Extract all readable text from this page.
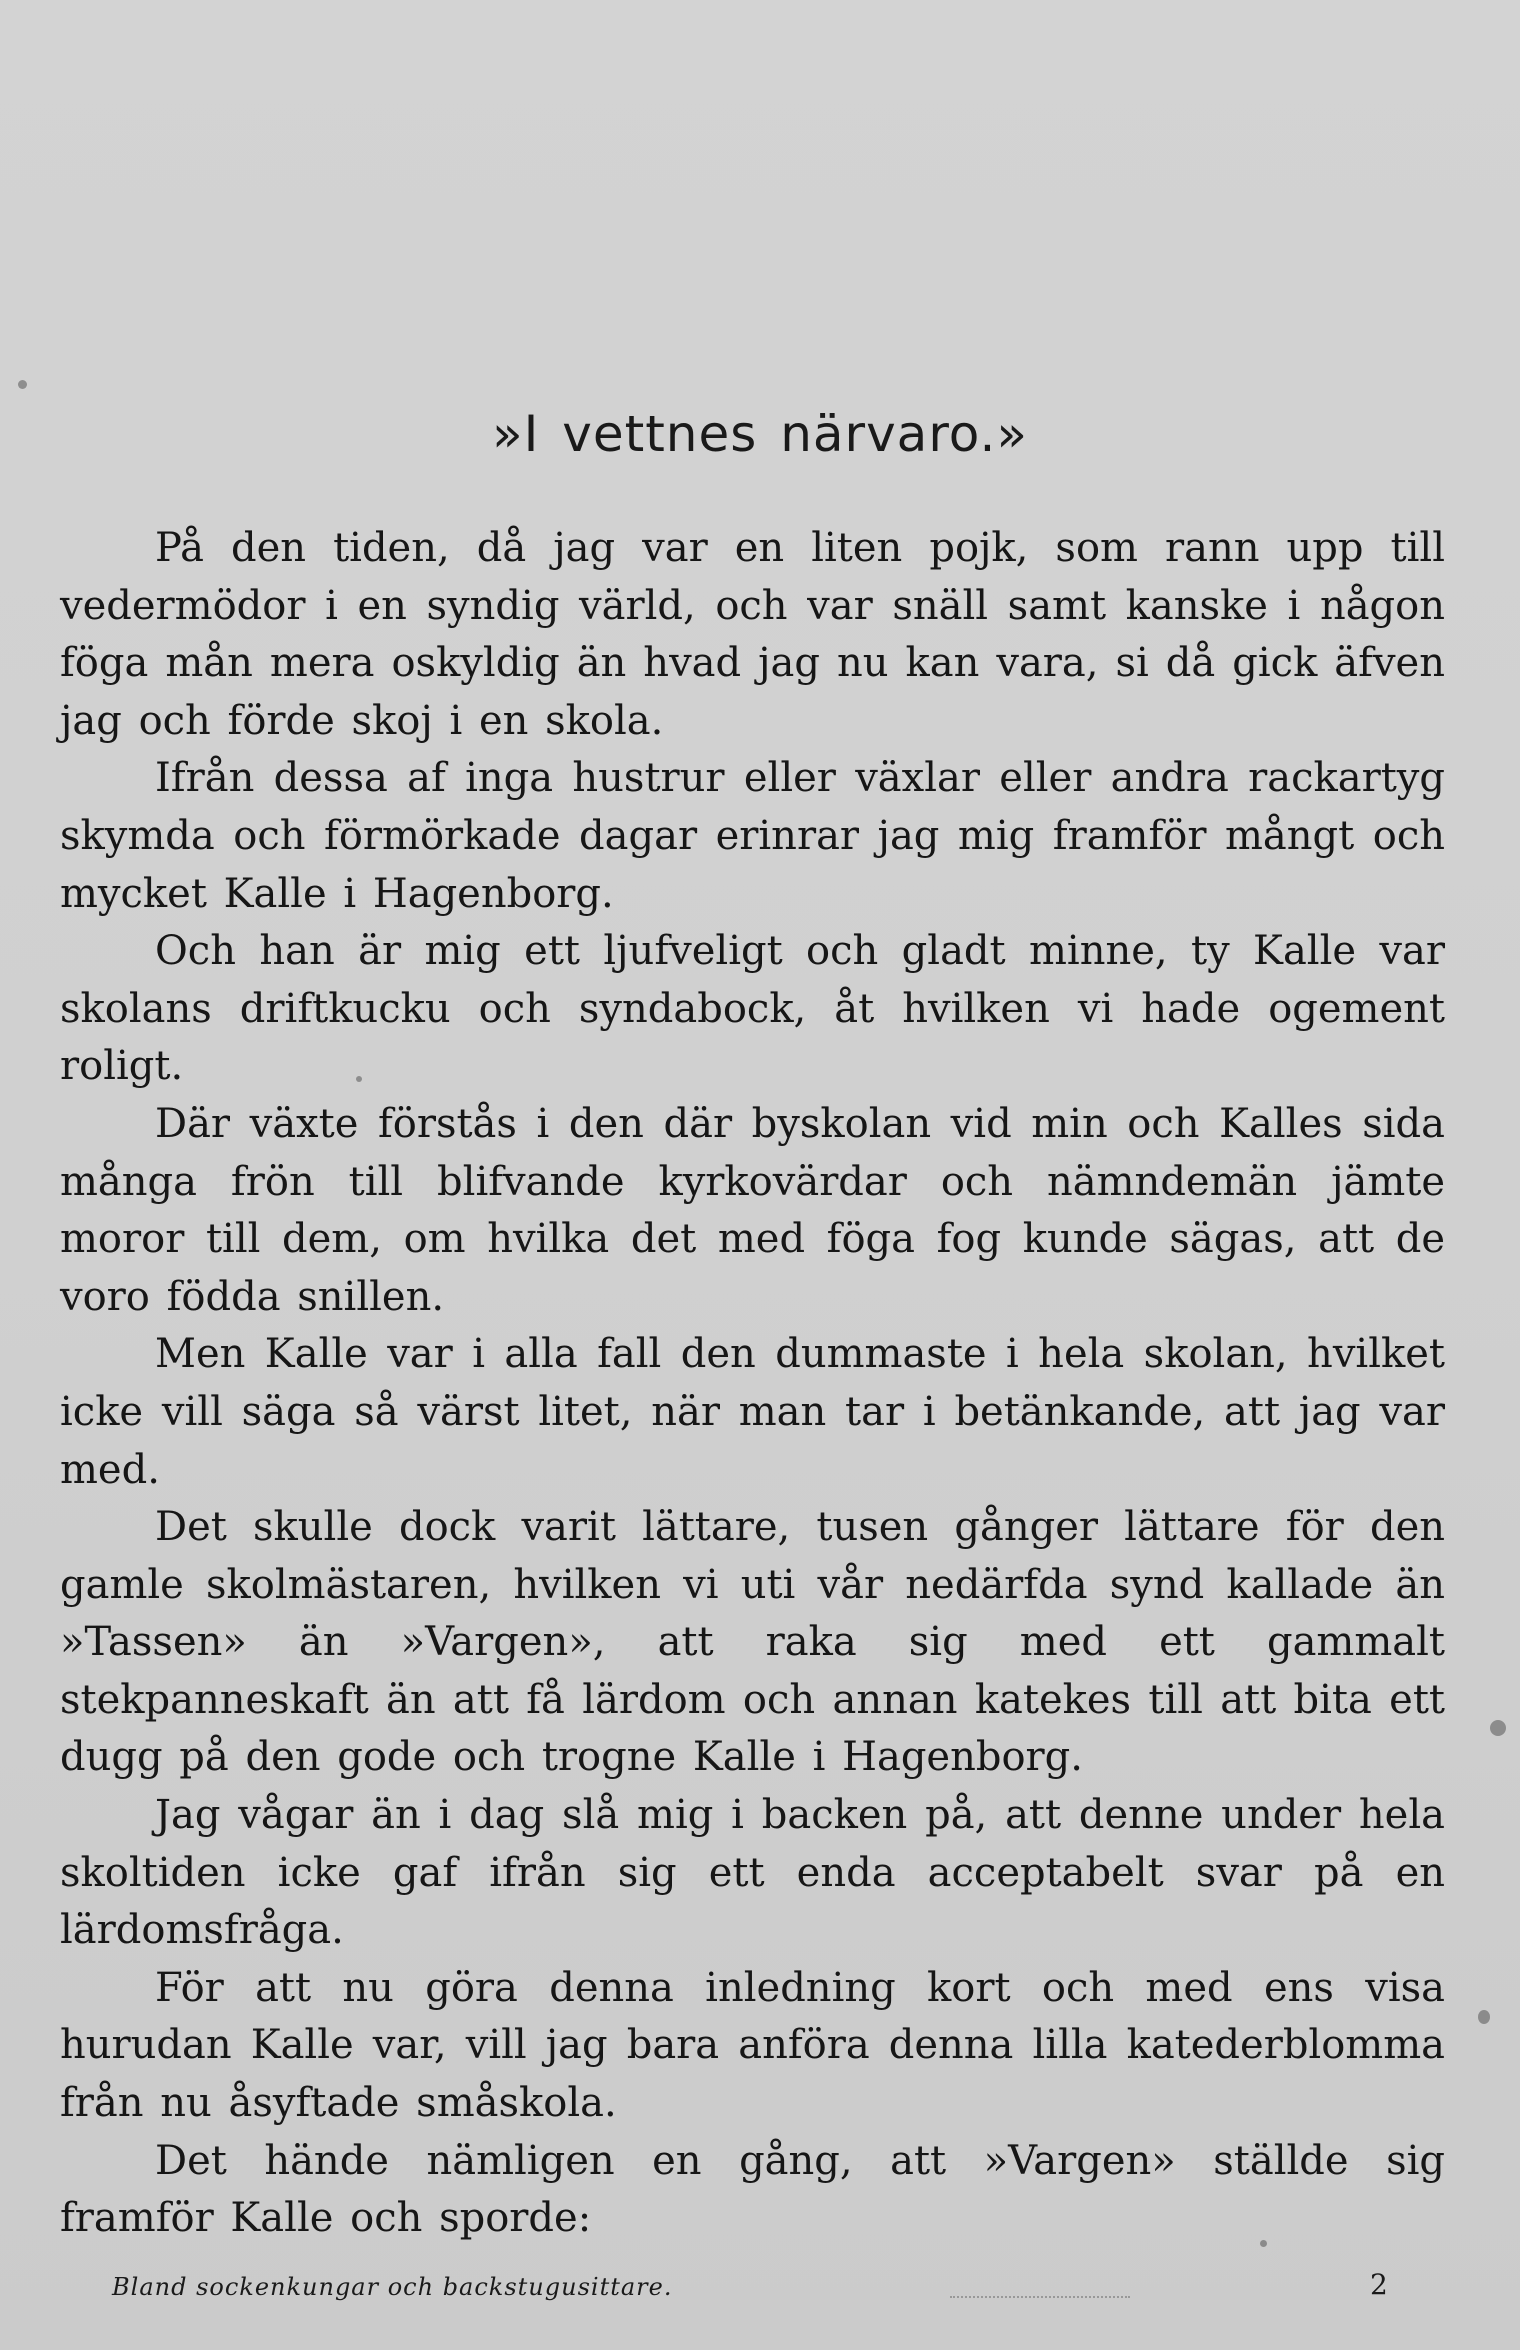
»I vettnes närvaro.»

På den tiden, då jag var en liten pojk, som rann upp till vedermödor i en syndig värld, och var snäll samt kanske i någon föga mån mera oskyldig än hvad jag nu kan vara, si då gick äfven jag och förde skoj i en skola.

Ifrån dessa af inga hustrur eller växlar eller andra rackartyg skymda och förmörkade dagar erinrar jag mig framför mångt och mycket Kalle i Hagenborg.

Och han är mig ett ljufveligt och gladt minne, ty Kalle var skolans driftkucku och syndabock, åt hvilken vi hade ogement roligt.

Där växte förstås i den där byskolan vid min och Kalles sida många frön till blifvande kyrkovärdar och nämndemän jämte moror till dem, om hvilka det med föga fog kunde sägas, att de voro födda snillen.

Men Kalle var i alla fall den dummaste i hela skolan, hvilket icke vill säga så värst litet, när man tar i betänkande, att jag var med.

Det skulle dock varit lättare, tusen gånger lättare för den gamle skolmästaren, hvilken vi uti vår nedärfda synd kallade än »Tassen» än »Vargen», att raka sig med ett gammalt stekpanneskaft än att få lärdom och annan katekes till att bita ett dugg på den gode och trogne Kalle i Hagenborg.

Jag vågar än i dag slå mig i backen på, att denne under hela skoltiden icke gaf ifrån sig ett enda acceptabelt svar på en lärdomsfråga.

För att nu göra denna inledning kort och med ens visa hurudan Kalle var, vill jag bara anföra denna lilla katederblomma från nu åsyftade småskola.

Det hände nämligen en gång, att »Vargen» ställde sig framför Kalle och sporde:

Bland sockenkungar och backstugusittare.	2
